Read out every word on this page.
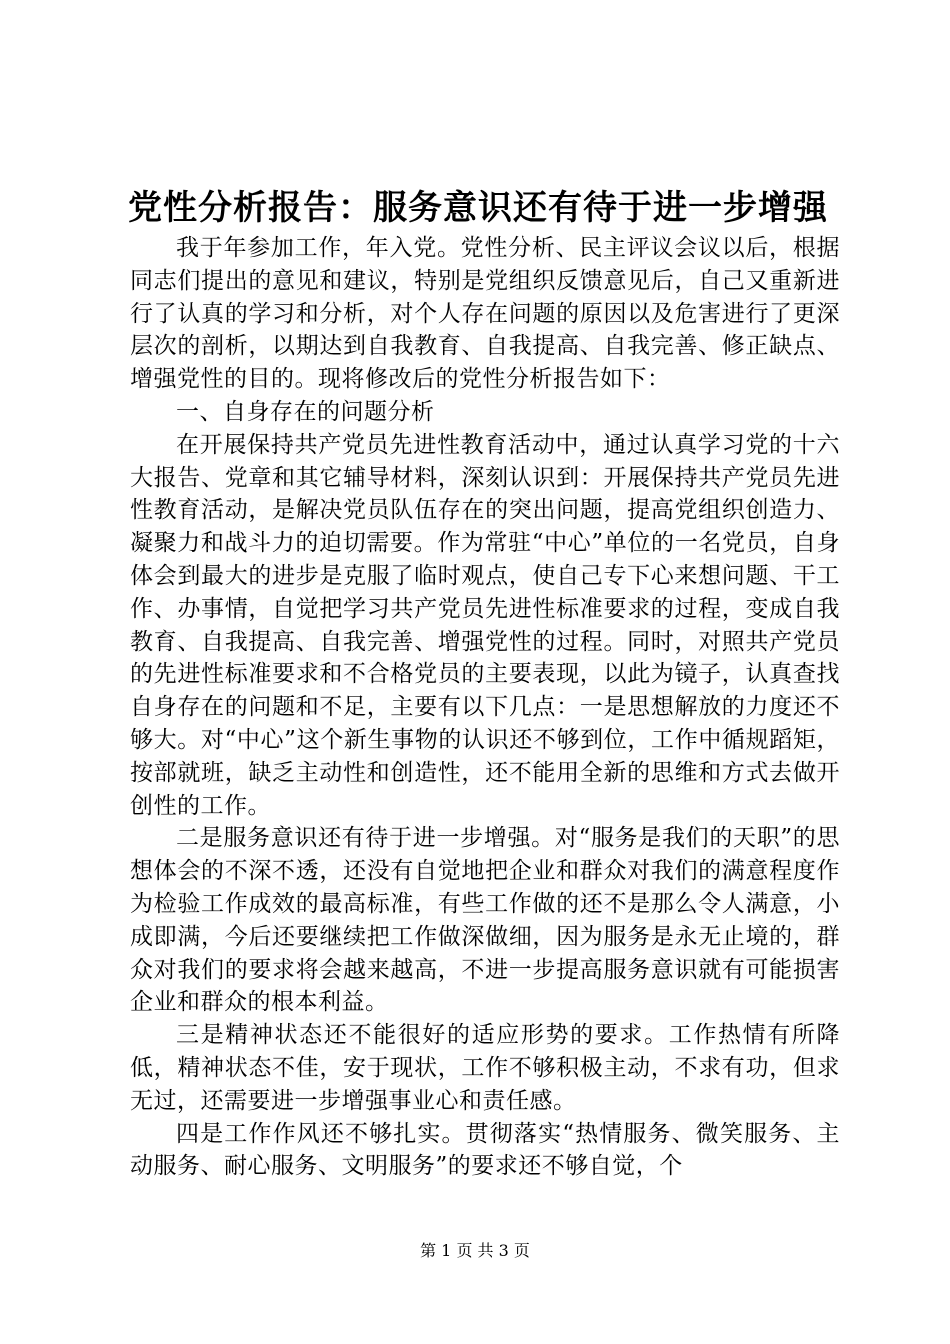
党性分析报告：服务意识还有待于进一步增强

我于年参加工作，年入党。党性分析、民主评议会议以后，根据同志们提出的意见和建议，特别是党组织反馈意见后，自己又重新进行了认真的学习和分析，对个人存在问题的原因以及危害进行了更深层次的剖析，以期达到自我教育、自我提高、自我完善、修正缺点、增强党性的目的。现将修改后的党性分析报告如下：

一、自身存在的问题分析

在开展保持共产党员先进性教育活动中，通过认真学习党的十六大报告、党章和其它辅导材料，深刻认识到：开展保持共产党员先进性教育活动，是解决党员队伍存在的突出问题，提高党组织创造力、凝聚力和战斗力的迫切需要。作为常驻“中心”单位的一名党员，自身体会到最大的进步是克服了临时观点，使自己专下心来想问题、干工作、办事情，自觉把学习共产党员先进性标准要求的过程，变成自我教育、自我提高、自我完善、增强党性的过程。同时，对照共产党员的先进性标准要求和不合格党员的主要表现，以此为镜子，认真查找自身存在的问题和不足，主要有以下几点：一是思想解放的力度还不够大。对“中心”这个新生事物的认识还不够到位，工作中循规蹈矩，按部就班，缺乏主动性和创造性，还不能用全新的思维和方式去做开创性的工作。

二是服务意识还有待于进一步增强。对“服务是我们的天职”的思想体会的不深不透，还没有自觉地把企业和群众对我们的满意程度作为检验工作成效的最高标准，有些工作做的还不是那么令人满意，小成即满，今后还要继续把工作做深做细，因为服务是永无止境的，群众对我们的要求将会越来越高，不进一步提高服务意识就有可能损害企业和群众的根本利益。

三是精神状态还不能很好的适应形势的要求。工作热情有所降低，精神状态不佳，安于现状，工作不够积极主动，不求有功，但求无过，还需要进一步增强事业心和责任感。

四是工作作风还不够扎实。贯彻落实“热情服务、微笑服务、主动服务、耐心服务、文明服务”的要求还不够自觉，个

第 1 页 共 3 页
